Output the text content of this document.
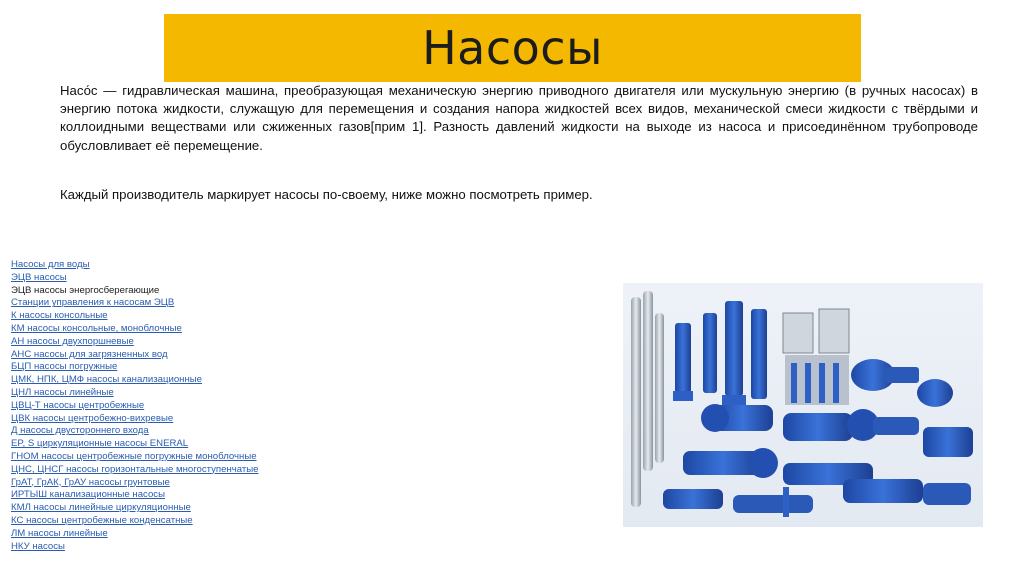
Насосы

Насо́с — гидравлическая машина, преобразующая механическую энергию приводного двигателя или мускульную энергию (в ручных насосах) в энергию потока жидкости, служащую для перемещения и создания напора жидкостей всех видов, механической смеси жидкости с твёрдыми и коллоидными веществами или сжиженных газов[прим 1]. Разность давлений жидкости на выходе из насоса и присоединённом трубопроводе обусловливает её перемещение.

Каждый производитель маркирует насосы по-своему, ниже можно посмотреть пример.

Насосы для воды
ЭЦВ насосы
ЭЦВ насосы энергосберегающие
Станции управления к насосам ЭЦВ
К насосы консольные
КМ насосы консольные, моноблочные
АН насосы двухпоршневые
АНС насосы для загрязненных вод
БЦП насосы погружные
ЦМК, НПК, ЦМФ насосы канализационные
ЦНЛ насосы линейные
ЦВЦ-Т насосы центробежные
ЦВК насосы центробежно-вихревые
Д насосы двустороннего входа
EP, S циркуляционные насосы ENERAL
ГНОМ насосы центробежные погружные моноблочные
ЦНС, ЦНСГ насосы горизонтальные многоступенчатые
ГрАТ, ГрАК, ГрАУ насосы грунтовые
ИРТЫШ канализационные насосы
КМЛ насосы линейные циркуляционные
КС насосы центробежные конденсатные
ЛМ насосы линейные
НКУ насосы
